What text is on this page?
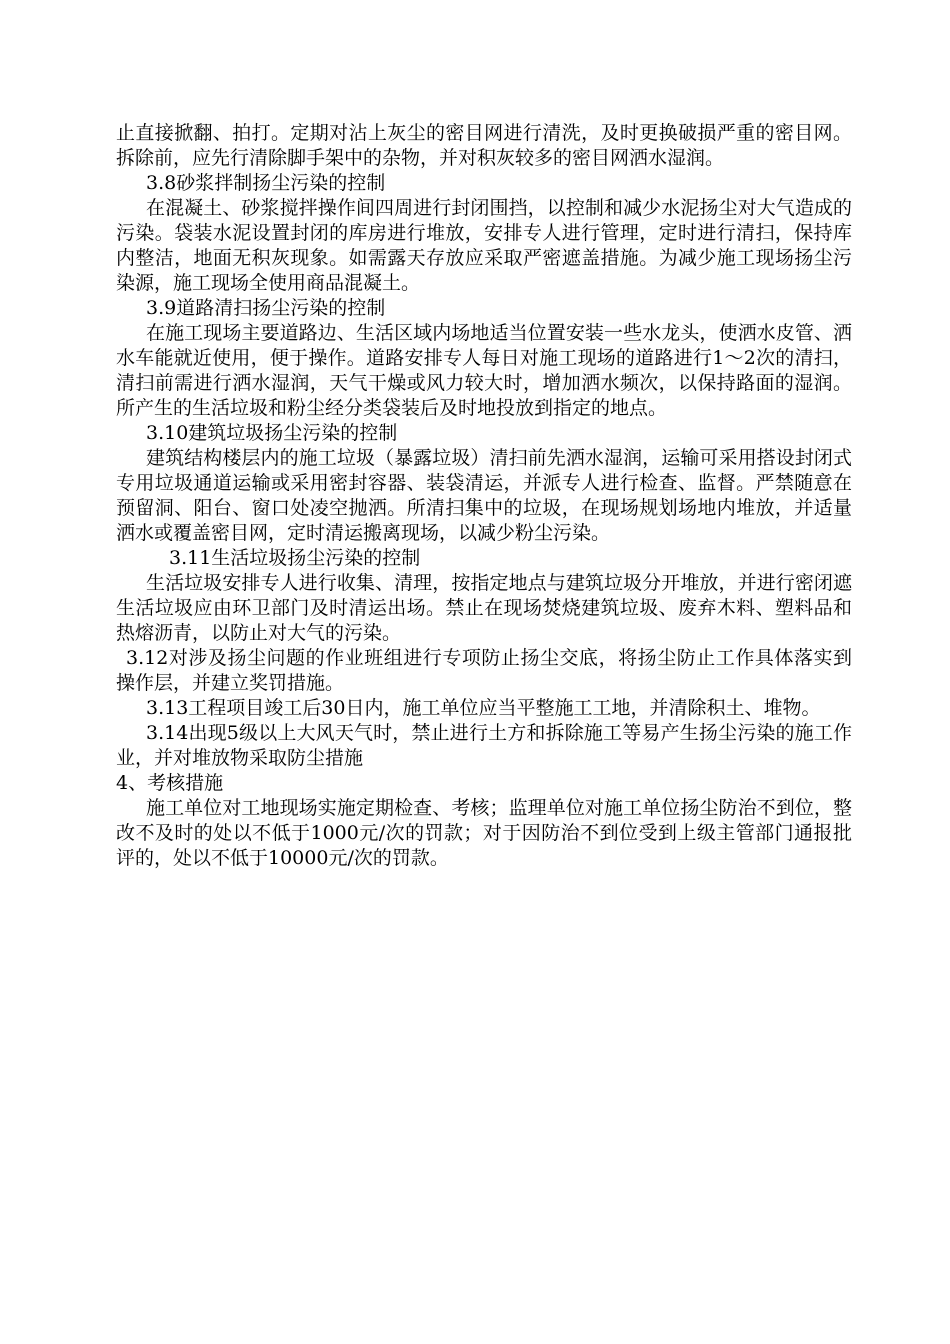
止直接掀翻、拍打。定期对沾上灰尘的密目网进行清洗，及时更换破损严重的密目网。拆除前，应先行清除脚手架中的杂物，并对积灰较多的密目网洒水湿润。

3.8砂浆拌制扬尘污染的控制

在混凝土、砂浆搅拌操作间四周进行封闭围挡，以控制和减少水泥扬尘对大气造成的污染。袋装水泥设置封闭的库房进行堆放，安排专人进行管理，定时进行清扫，保持库内整洁，地面无积灰现象。如需露天存放应采取严密遮盖措施。为减少施工现场扬尘污染源，施工现场全使用商品混凝土。

3.9道路清扫扬尘污染的控制

在施工现场主要道路边、生活区域内场地适当位置安装一些水龙头，使洒水皮管、洒水车能就近使用，便于操作。道路安排专人每日对施工现场的道路进行1～2次的清扫，清扫前需进行洒水湿润，天气干燥或风力较大时，增加洒水频次，以保持路面的湿润。所产生的生活垃圾和粉尘经分类袋装后及时地投放到指定的地点。

3.10建筑垃圾扬尘污染的控制

建筑结构楼层内的施工垃圾（暴露垃圾）清扫前先洒水湿润，运输可采用搭设封闭式专用垃圾通道运输或采用密封容器、装袋清运，并派专人进行检查、监督。严禁随意在预留洞、阳台、窗口处凌空抛洒。所清扫集中的垃圾，在现场规划场地内堆放，并适量洒水或覆盖密目网，定时清运搬离现场，以减少粉尘污染。

3.11生活垃圾扬尘污染的控制

生活垃圾安排专人进行收集、清理，按指定地点与建筑垃圾分开堆放，并进行密闭遮生活垃圾应由环卫部门及时清运出场。禁止在现场焚烧建筑垃圾、废弃木料、塑料品和热熔沥青，以防止对大气的污染。

3.12对涉及扬尘问题的作业班组进行专项防止扬尘交底，将扬尘防止工作具体落实到操作层，并建立奖罚措施。

3.13工程项目竣工后30日内，施工单位应当平整施工工地，并清除积土、堆物。

3.14出现5级以上大风天气时，禁止进行土方和拆除施工等易产生扬尘污染的施工作业，并对堆放物采取防尘措施

4、考核措施

施工单位对工地现场实施定期检查、考核；监理单位对施工单位扬尘防治不到位，整改不及时的处以不低于1000元/次的罚款；对于因防治不到位受到上级主管部门通报批评的，处以不低于10000元/次的罚款。
